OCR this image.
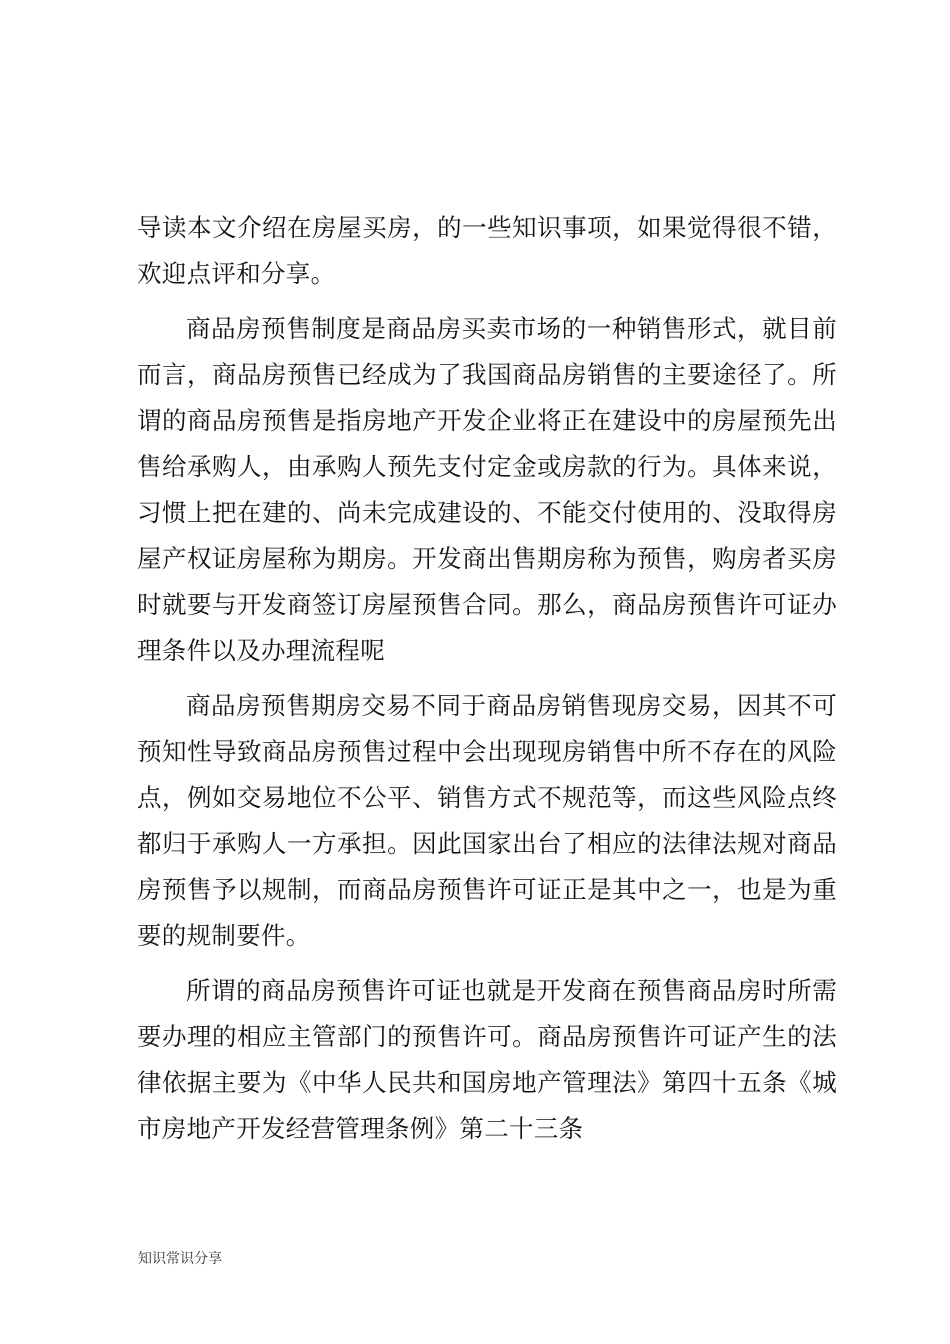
导读本文介绍在房屋买房，的一些知识事项，如果觉得很不错，欢迎点评和分享。

商品房预售制度是商品房买卖市场的一种销售形式，就目前而言，商品房预售已经成为了我国商品房销售的主要途径了。所谓的商品房预售是指房地产开发企业将正在建设中的房屋预先出售给承购人，由承购人预先支付定金或房款的行为。具体来说，习惯上把在建的、尚未完成建设的、不能交付使用的、没取得房屋产权证房屋称为期房。开发商出售期房称为预售，购房者买房时就要与开发商签订房屋预售合同。那么，商品房预售许可证办理条件以及办理流程呢

商品房预售期房交易不同于商品房销售现房交易，因其不可预知性导致商品房预售过程中会出现现房销售中所不存在的风险点，例如交易地位不公平、销售方式不规范等，而这些风险点终都归于承购人一方承担。因此国家出台了相应的法律法规对商品房预售予以规制，而商品房预售许可证正是其中之一，也是为重要的规制要件。

所谓的商品房预售许可证也就是开发商在预售商品房时所需要办理的相应主管部门的预售许可。商品房预售许可证产生的法律依据主要为《中华人民共和国房地产管理法》第四十五条《城市房地产开发经营管理条例》第二十三条

知识常识分享
